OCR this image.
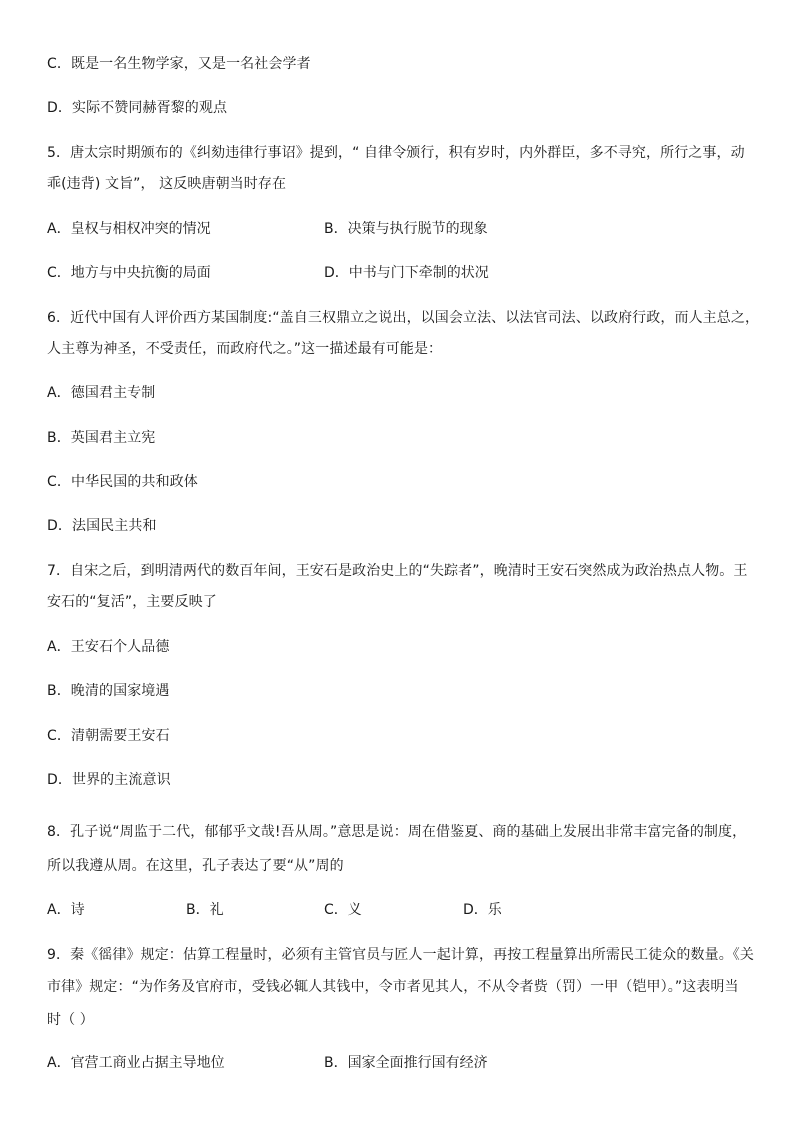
C．既是一名生物学家，又是一名社会学者
D．实际不赞同赫胥黎的观点
5．唐太宗时期颁布的《纠劾违律行事诏》提到，“ 自律令颁行，积有岁时，内外群臣，多不寻究，所行之事，动
乖(违背) 文旨”， 这反映唐朝当时存在
A．皇权与相权冲突的情况	B．决策与执行脱节的现象
C．地方与中央抗衡的局面	D．中书与门下牵制的状况
6．近代中国有人评价西方某国制度:“盖自三权鼎立之说出，以国会立法、以法官司法、以政府行政，而人主总之，
人主尊为神圣，不受责任，而政府代之。”这一描述最有可能是：
A．德国君主专制
B．英国君主立宪
C．中华民国的共和政体
D．法国民主共和
7．自宋之后，到明清两代的数百年间，王安石是政治史上的“失踪者”，晚清时王安石突然成为政治热点人物。王
安石的“复活”，主要反映了
A．王安石个人品德
B．晚清的国家境遇
C．清朝需要王安石
D．世界的主流意识
8．孔子说“周监于二代，郁郁乎文哉!吾从周。”意思是说：周在借鉴夏、商的基础上发展出非常丰富完备的制度，
所以我遵从周。在这里，孔子表达了要“从”周的
A．诗	B．礼	C．义	D．乐
9．秦《徭律》规定：估算工程量时，必须有主管官员与匠人一起计算，再按工程量算出所需民工徒众的数量。《关
市律》规定：“为作务及官府市，受钱必辄人其钱中，令市者见其人，不从令者赀（罚）一甲（铠甲）。”这表明当
时（ ）
A．官营工商业占据主导地位	B．国家全面推行国有经济
